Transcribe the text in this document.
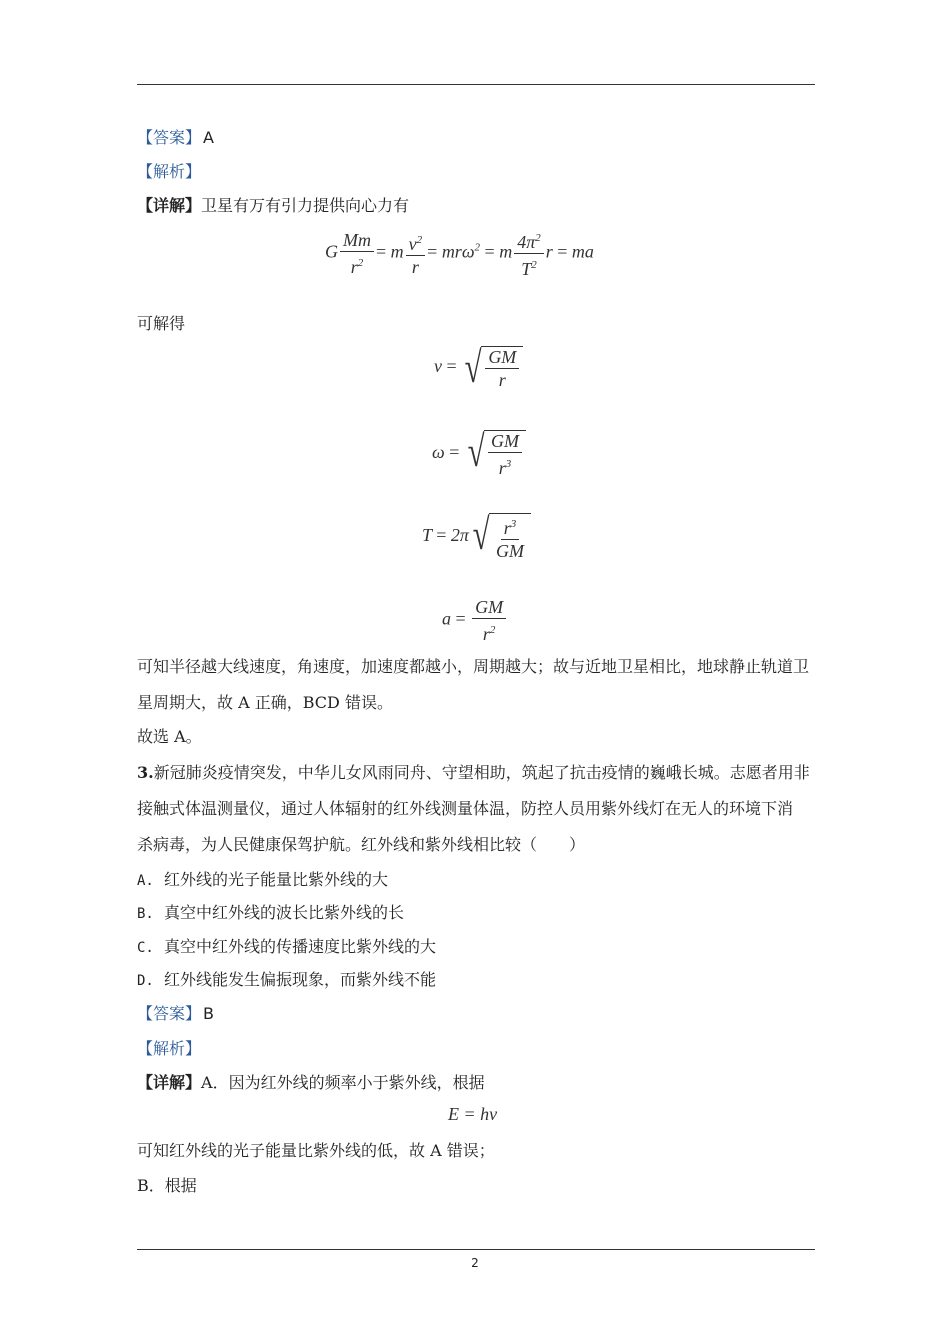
【答案】 A
【解析】
【详解】卫星有万有引力提供向心力有
G $\frac{Mm}{r^2} = m \frac{v^2}{r} = mr\omega^2 = m \frac{4\pi^2}{T^2}$ r = ma
可解得
v = √ $\frac{GM}{r}$
ω = √ $\frac{GM}{r^3}$
T = 2π √ $\frac{r^3}{GM}$
$a = \frac{GM}{r^2}$
可知半径越大线速度，角速度，加速度都越小，周期越大；故与近地卫星相比，地球静止轨道卫
星周期大，故 A 正确，BCD 错误。
故选 A。
3.新冠肺炎疫情突发，中华儿女风雨同舟、守望相助，筑起了抗击疫情的巍峨长城。志愿者用非
接触式体温测量仪，通过人体辐射的红外线测量体温，防控人员用紫外线灯在无人的环境下消
杀病毒，为人民健康保驾护航。红外线和紫外线相比较（　　）
A. 红外线的光子能量比紫外线的大
B. 真空中红外线的波长比紫外线的长
C. 真空中红外线的传播速度比紫外线的大
D. 红外线能发生偏振现象，而紫外线不能
【答案】 B
【解析】
【详解】A．因为红外线的频率小于紫外线，根据
E = hν
可知红外线的光子能量比紫外线的低，故 A 错误；
B．根据
2
